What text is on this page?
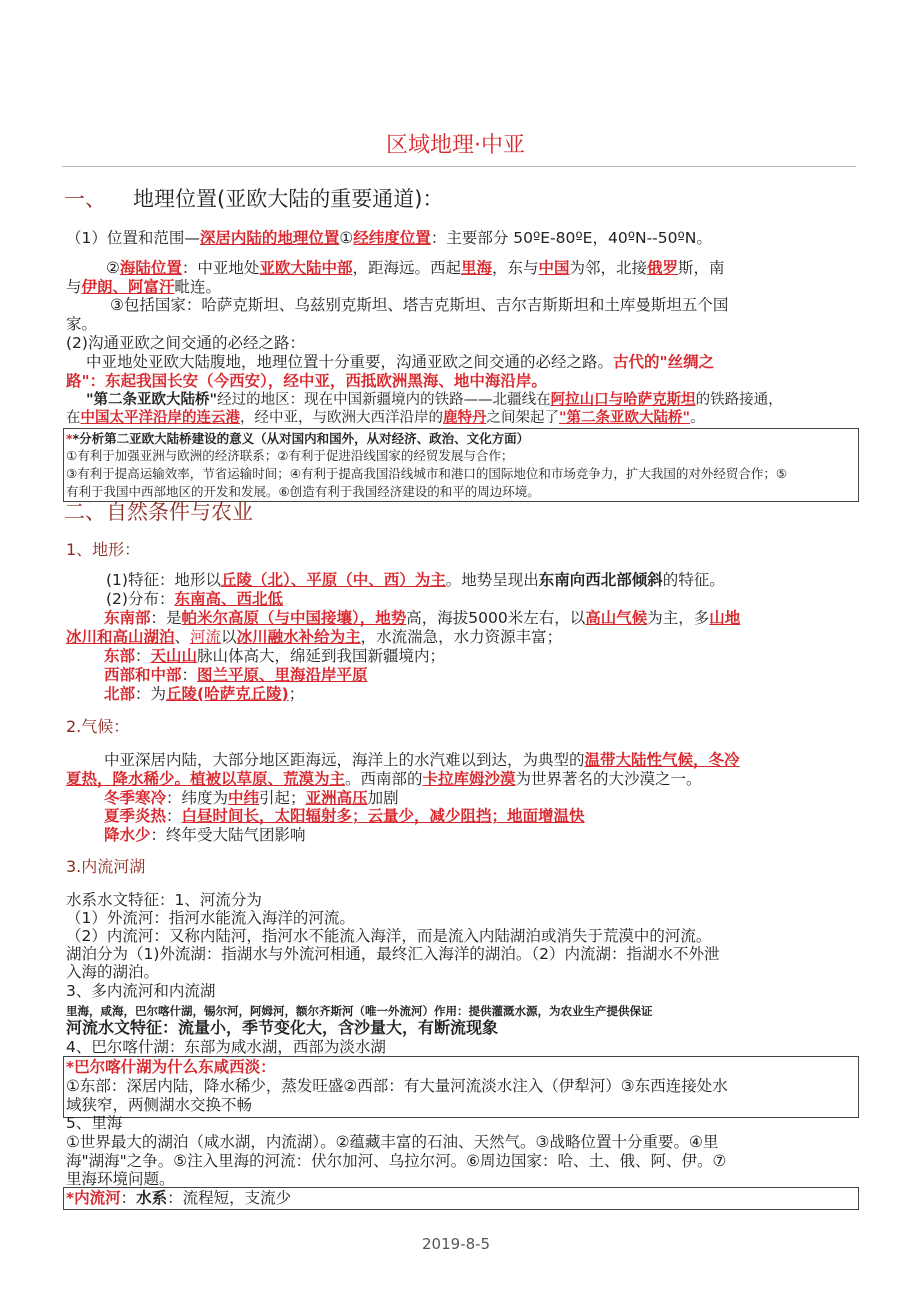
区域地理·中亚
一、 地理位置(亚欧大陆的重要通道)：
（1）位置和范围—深居内陆的地理位置①经纬度位置：主要部分 50ºE-80ºE，40ºN--50ºN。
②海陆位置：中亚地处亚欧大陆中部，距海远。西起里海，东与中国为邻，北接俄罗斯，南
与伊朗、阿富汗毗连。
③包括国家：哈萨克斯坦、乌兹别克斯坦、塔吉克斯坦、吉尔吉斯斯坦和土库曼斯坦五个国
家。
(2)沟通亚欧之间交通的必经之路：
中亚地处亚欧大陆腹地，地理位置十分重要，沟通亚欧之间交通的必经之路。古代的"丝绸之
路"：东起我国长安（今西安），经中亚，西抵欧洲黑海、地中海沿岸。
"第二条亚欧大陆桥"经过的地区：现在中国新疆境内的铁路——北疆线在阿拉山口与哈萨克斯坦的铁路接通，
在中国太平洋沿岸的连云港，经中亚，与欧洲大西洋沿岸的鹿特丹之间架起了"第二条亚欧大陆桥"。
**分析第二亚欧大陆桥建设的意义（从对国内和国外，从对经济、政治、文化方面）
①有利于加强亚洲与欧洲的经济联系；②有利于促进沿线国家的经贸发展与合作；
③有利于提高运输效率，节省运输时间；④有利于提高我国沿线城市和港口的国际地位和市场竞争力，扩大我国的对外经贸合作；⑤
有利于我国中西部地区的开发和发展。⑥创造有利于我国经济建设的和平的周边环境。
二、自然条件与农业
1、地形：
(1)特征：地形以丘陵（北）、平原（中、西）为主。地势呈现出东南向西北部倾斜的特征。
(2)分布：东南高、西北低
东南部：是帕米尔高原（与中国接壤），地势高，海拔5000米左右，以高山气候为主，多山地
冰川和高山湖泊、河流以冰川融水补给为主，水流湍急，水力资源丰富；
东部：天山山脉山体高大，绵延到我国新疆境内；
西部和中部：图兰平原、里海沿岸平原
北部：为丘陵(哈萨克丘陵)；
2.气候：
中亚深居内陆，大部分地区距海远，海洋上的水汽难以到达，为典型的温带大陆性气候，冬冷
夏热，降水稀少。植被以草原、荒漠为主。西南部的卡拉库姆沙漠为世界著名的大沙漠之一。
冬季寒冷：纬度为中纬引起；亚洲高压加剧
夏季炎热：白昼时间长，太阳辐射多；云量少，减少阻挡；地面增温快
降水少：终年受大陆气团影响
3.内流河湖
水系水文特征：1、河流分为
（1）外流河：指河水能流入海洋的河流。
（2）内流河：又称内陆河，指河水不能流入海洋，而是流入内陆湖泊或消失于荒漠中的河流。
湖泊分为（1)外流湖：指湖水与外流河相通，最终汇入海洋的湖泊。（2）内流湖：指湖水不外泄
入海的湖泊。
3、多内流河和内流湖
里海，咸海，巴尔喀什湖，锡尔河，阿姆河，额尔齐斯河（唯一外流河）作用：提供灌溉水源，为农业生产提供保证
河流水文特征：流量小，季节变化大，含沙量大，有断流现象
4、巴尔喀什湖：东部为咸水湖，西部为淡水湖
*巴尔喀什湖为什么东咸西淡：
①东部：深居内陆，降水稀少，蒸发旺盛②西部：有大量河流淡水注入（伊犁河）③东西连接处水
域狭窄，两侧湖水交换不畅
5、里海
①世界最大的湖泊（咸水湖，内流湖）。②蕴藏丰富的石油、天然气。③战略位置十分重要。④里
海"湖海"之争。⑤注入里海的河流：伏尔加河、乌拉尔河。⑥周边国家：哈、土、俄、阿、伊。⑦
里海环境问题。
*内流河：水系：流程短，支流少
2019-8-5
